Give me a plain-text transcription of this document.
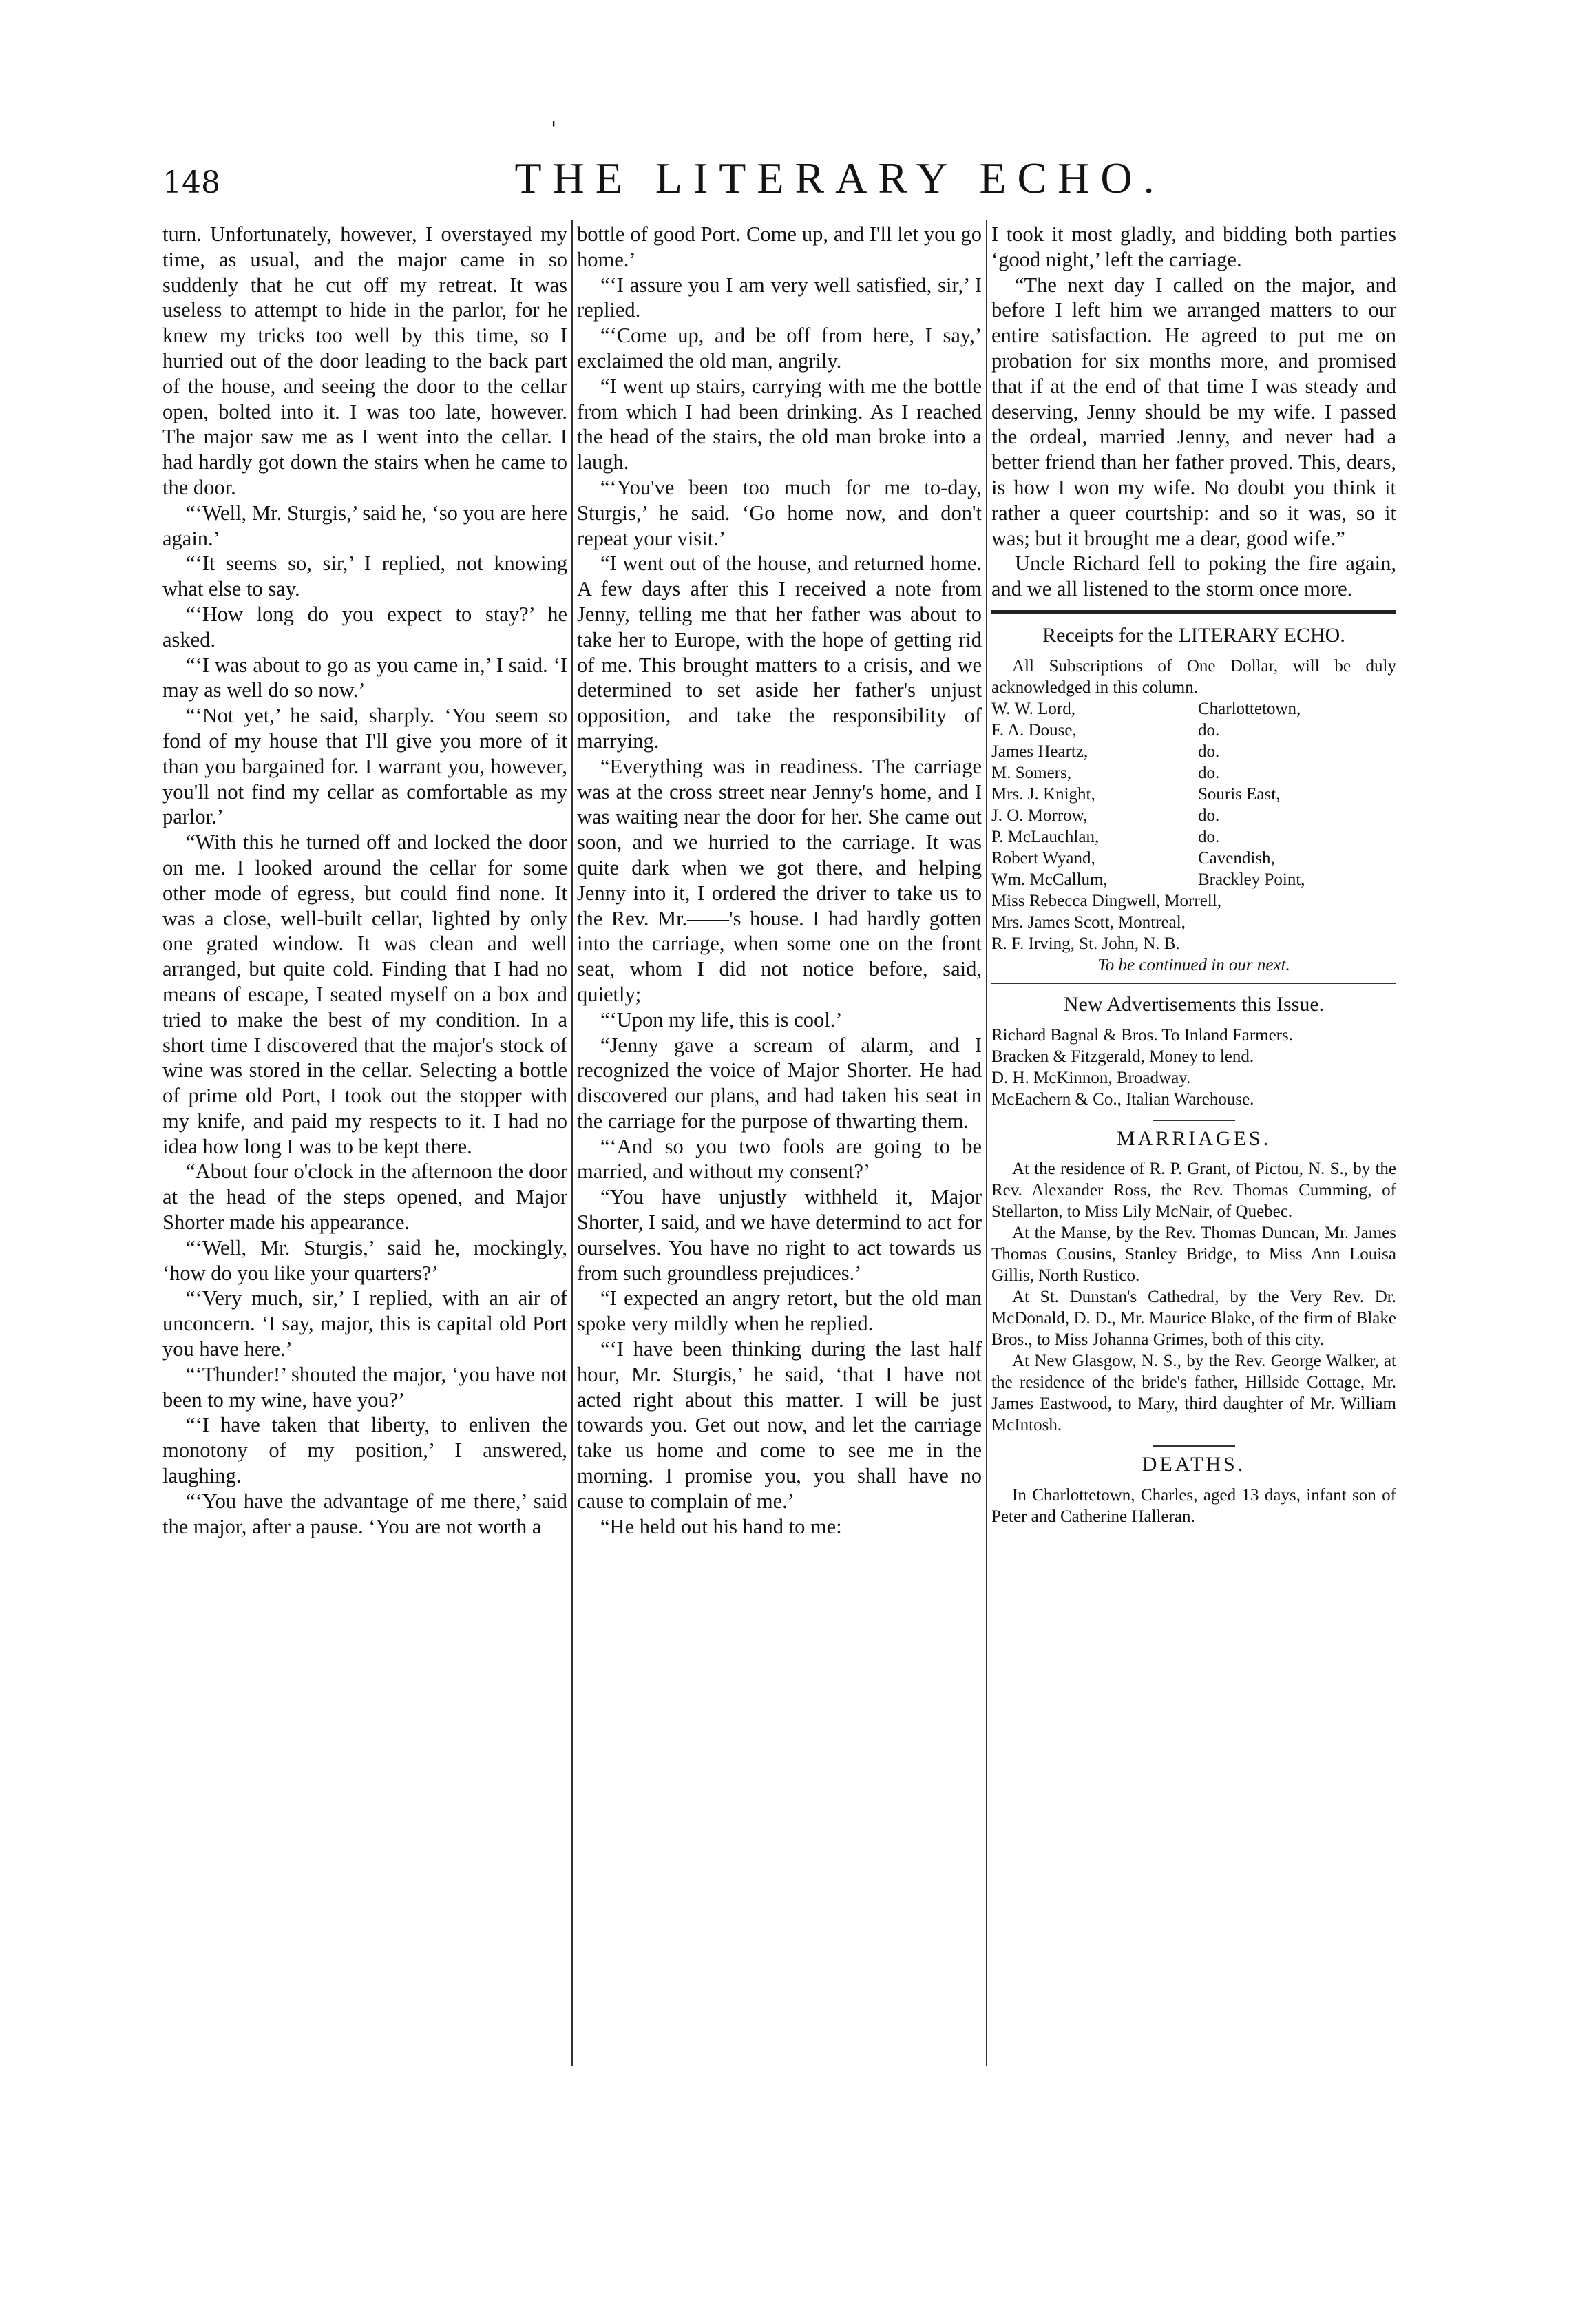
'
148	THE LITERARY ECHO.

turn. Unfortunately, however, I overstayed my time, as usual, and the major came in so suddenly that he cut off my retreat. It was useless to attempt to hide in the parlor, for he knew my tricks too well by this time, so I hurried out of the door leading to the back part of the house, and seeing the door to the cellar open, bolted into it. I was too late, however. The major saw me as I went into the cellar. I had hardly got down the stairs when he came to the door.

“‘Well, Mr. Sturgis,’ said he, ‘so you are here again.’

“‘It seems so, sir,’ I replied, not knowing what else to say.

“‘How long do you expect to stay?’ he asked.

“‘I was about to go as you came in,’ I said. ‘I may as well do so now.’

“‘Not yet,’ he said, sharply. ‘You seem so fond of my house that I'll give you more of it than you bargained for. I warrant you, however, you'll not find my cellar as comfortable as my parlor.’

“With this he turned off and locked the door on me. I looked around the cellar for some other mode of egress, but could find none. It was a close, well-built cellar, lighted by only one grated window. It was clean and well arranged, but quite cold. Finding that I had no means of escape, I seated myself on a box and tried to make the best of my condition. In a short time I discovered that the major's stock of wine was stored in the cellar. Selecting a bottle of prime old Port, I took out the stopper with my knife, and paid my respects to it. I had no idea how long I was to be kept there.

“About four o'clock in the afternoon the door at the head of the steps opened, and Major Shorter made his appearance.

“‘Well, Mr. Sturgis,’ said he, mockingly, ‘how do you like your quarters?’

“‘Very much, sir,’ I replied, with an air of unconcern. ‘I say, major, this is capital old Port you have here.’

“‘Thunder!’ shouted the major, ‘you have not been to my wine, have you?’

“‘I have taken that liberty, to enliven the monotony of my position,’ I answered, laughing.

“‘You have the advantage of me there,’ said the major, after a pause. ‘You are not worth a

bottle of good Port. Come up, and I'll let you go home.’

“‘I assure you I am very well satisfied, sir,’ I replied.

“‘Come up, and be off from here, I say,’ exclaimed the old man, angrily.

“I went up stairs, carrying with me the bottle from which I had been drinking. As I reached the head of the stairs, the old man broke into a laugh.

“‘You've been too much for me to-day, Sturgis,’ he said. ‘Go home now, and don't repeat your visit.’

“I went out of the house, and returned home. A few days after this I received a note from Jenny, telling me that her father was about to take her to Europe, with the hope of getting rid of me. This brought matters to a crisis, and we determined to set aside her father's unjust opposition, and take the responsibility of marrying.

“Everything was in readiness. The carriage was at the cross street near Jenny's home, and I was waiting near the door for her. She came out soon, and we hurried to the carriage. It was quite dark when we got there, and helping Jenny into it, I ordered the driver to take us to the Rev. Mr.——'s house. I had hardly gotten into the carriage, when some one on the front seat, whom I did not notice before, said, quietly;

“‘Upon my life, this is cool.’

“Jenny gave a scream of alarm, and I recognized the voice of Major Shorter. He had discovered our plans, and had taken his seat in the carriage for the purpose of thwarting them.

“‘And so you two fools are going to be married, and without my consent?’

“You have unjustly withheld it, Major Shorter, I said, and we have determind to act for ourselves. You have no right to act towards us from such groundless prejudices.’

“I expected an angry retort, but the old man spoke very mildly when he replied.

“‘I have been thinking during the last half hour, Mr. Sturgis,’ he said, ‘that I have not acted right about this matter. I will be just towards you. Get out now, and let the carriage take us home and come to see me in the morning. I promise you, you shall have no cause to complain of me.’

“He held out his hand to me:

I took it most gladly, and bidding both parties ‘good night,’ left the carriage.

“The next day I called on the major, and before I left him we arranged matters to our entire satisfaction. He agreed to put me on probation for six months more, and promised that if at the end of that time I was steady and deserving, Jenny should be my wife. I passed the ordeal, married Jenny, and never had a better friend than her father proved. This, dears, is how I won my wife. No doubt you think it rather a queer courtship: and so it was, so it was; but it brought me a dear, good wife.”

Uncle Richard fell to poking the fire again, and we all listened to the storm once more.

Receipts for the LITERARY ECHO.

All Subscriptions of One Dollar, will be duly acknowledged in this column.

W. W. Lord,	Charlottetown,
F. A. Douse,	do.
James Heartz,	do.
M. Somers,	do.
Mrs. J. Knight,	Souris East,
J. O. Morrow,	do.
P. McLauchlan,	do.
Robert Wyand,	Cavendish,
Wm. McCallum,	Brackley Point,
Miss Rebecca Dingwell, Morrell,
Mrs. James Scott, Montreal,
R. F. Irving, St. John, N. B.
To be continued in our next.
New Advertisements this Issue.

Richard Bagnal & Bros. To Inland Farmers.

Bracken & Fitzgerald, Money to lend.

D. H. McKinnon, Broadway.

McEachern & Co., Italian Warehouse.

MARRIAGES.

At the residence of R. P. Grant, of Pictou, N. S., by the Rev. Alexander Ross, the Rev. Thomas Cumming, of Stellarton, to Miss Lily McNair, of Quebec.

At the Manse, by the Rev. Thomas Duncan, Mr. James Thomas Cousins, Stanley Bridge, to Miss Ann Louisa Gillis, North Rustico.

At St. Dunstan's Cathedral, by the Very Rev. Dr. McDonald, D. D., Mr. Maurice Blake, of the firm of Blake Bros., to Miss Johanna Grimes, both of this city.

At New Glasgow, N. S., by the Rev. George Walker, at the residence of the bride's father, Hillside Cottage, Mr. James Eastwood, to Mary, third daughter of Mr. William McIntosh.

DEATHS.

In Charlottetown, Charles, aged 13 days, infant son of Peter and Catherine Halleran.
